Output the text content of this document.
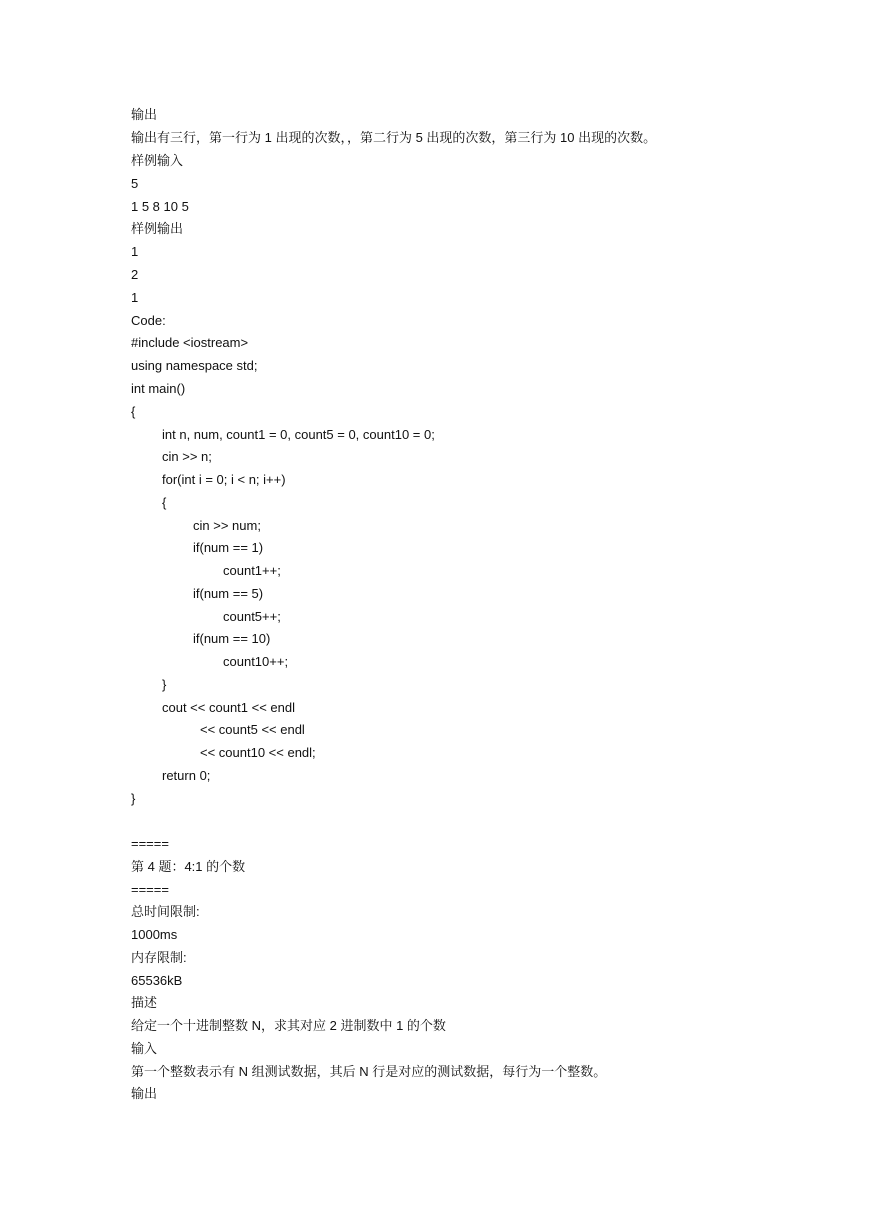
输出
输出有三行，第一行为 1 出现的次数，，第二行为 5 出现的次数，第三行为 10 出现的次数。
样例输入
5
1 5 8 10 5
样例输出
1
2
1
Code:
#include <iostream>
using namespace std;
int main()
{
int n, num, count1 = 0, count5 = 0, count10 = 0;
cin >> n;
for(int i = 0; i < n; i++)
{
cin >> num;
if(num == 1)
count1++;
if(num == 5)
count5++;
if(num == 10)
count10++;
}
cout << count1 << endl
<< count5 << endl
<< count10 << endl;
return 0;
}
=====
第 4 题：4:1 的个数
=====
总时间限制:
1000ms
内存限制:
65536kB
描述
给定一个十进制整数 N，求其对应 2 进制数中 1 的个数
输入
第一个整数表示有 N 组测试数据，其后 N 行是对应的测试数据，每行为一个整数。
输出
